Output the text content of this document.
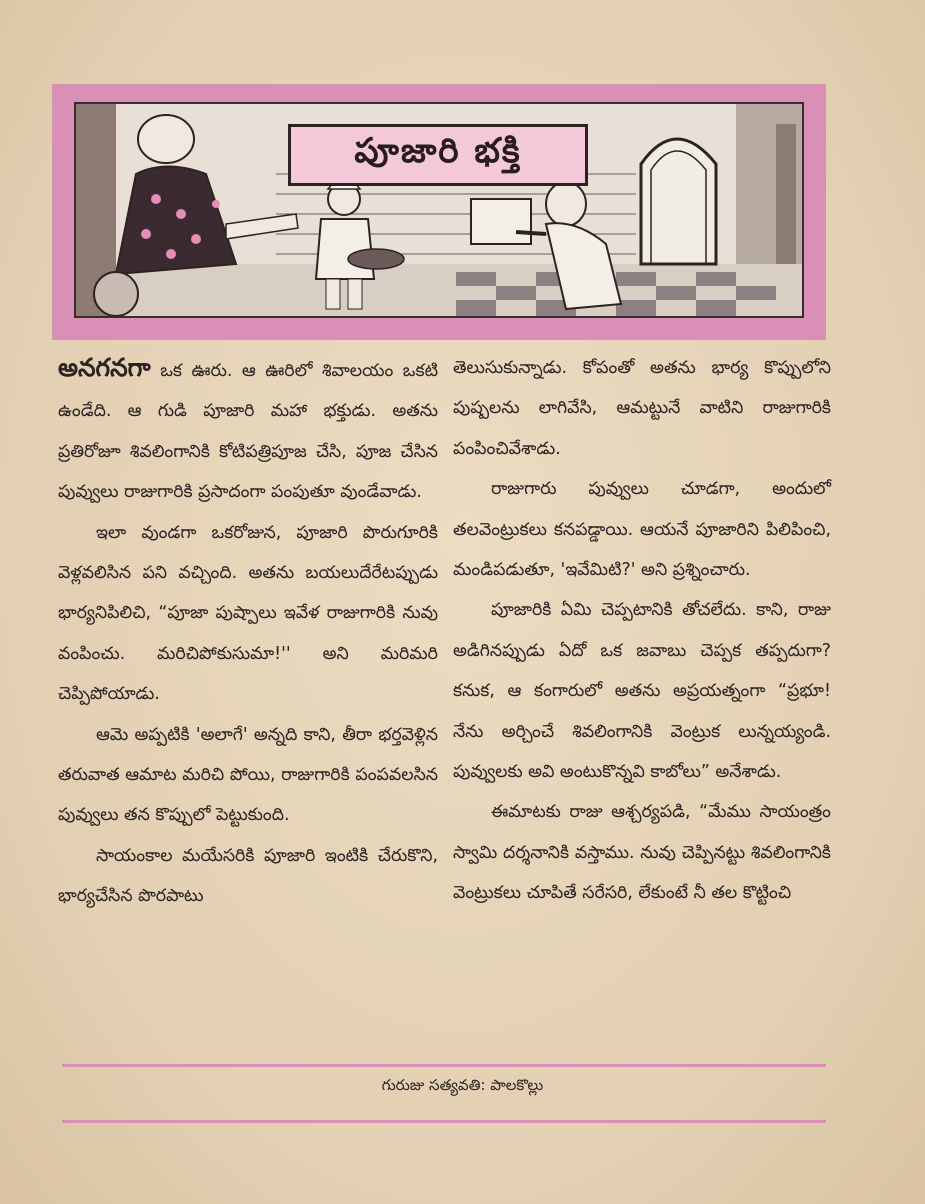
పూజారి భక్తి

అనగనగా ఒక ఊరు. ఆ ఊరిలో శివాలయం ఒకటి ఉండేది. ఆ గుడి పూజారి మహా భక్తుడు. అతను ప్రతిరోజూ శివలింగానికి కోటిపత్రిపూజ చేసి, పూజ చేసిన పువ్వులు రాజుగారికి ప్రసాదంగా పంపుతూ వుండేవాడు.

ఇలా వుండగా ఒకరోజున, పూజారి పొరుగూరికి వెళ్లవలిసిన పని వచ్చింది. అతను బయలుదేరేటప్పుడు భార్యనిపిలిచి, “పూజా పుష్పాలు ఇవేళ రాజుగారికి నువు వంపించు. మరిచిపోకుసుమా!'' అని మరిమరి చెప్పిపోయాడు.

ఆమె అప్పటికి 'అలాగే' అన్నది కాని, తీరా భర్తవెళ్లిన తరువాత ఆమాట మరిచి పోయి, రాజుగారికి పంపవలసిన పువ్వులు తన కొప్పులో పెట్టుకుంది.

సాయంకాల మయేసరికి పూజారి ఇంటికి చేరుకొని, భార్యచేసిన పొరపాటు

తెలుసుకున్నాడు. కోపంతో అతను భార్య కొప్పులోని పుష్పలను లాగివేసి, ఆమట్టునే వాటిని రాజుగారికి పంపించివేశాడు.

రాజుగారు పువ్వులు చూడగా, అందులో తలవెంట్రుకలు కనపడ్డాయి. ఆయనే పూజారిని పిలిపించి, మండిపడుతూ, 'ఇవేమిటి?' అని ప్రశ్నించారు.

పూజారికి ఏమి చెప్పటానికి తోచలేదు. కాని, రాజు అడిగినప్పుడు ఏదో ఒక జవాబు చెప్పక తప్పదుగా? కనుక, ఆ కంగారులో అతను అప్రయత్నంగా “ప్రభూ! నేను అర్చించే శివలింగానికి వెంట్రుక లున్నయ్యండి. పువ్వులకు అవి అంటుకొన్నవి కాబోలు” అనేశాడు.

ఈమాటకు రాజు ఆశ్చర్యపడి, “మేము సాయంత్రం స్వామి దర్శనానికి వస్తాము. నువు చెప్పినట్టు శివలింగానికి వెంట్రుకలు చూపితే సరేసరి, లేకుంటే నీ తల కొట్టించి

గురుజు సత్యవతి: పాలకొల్లు
